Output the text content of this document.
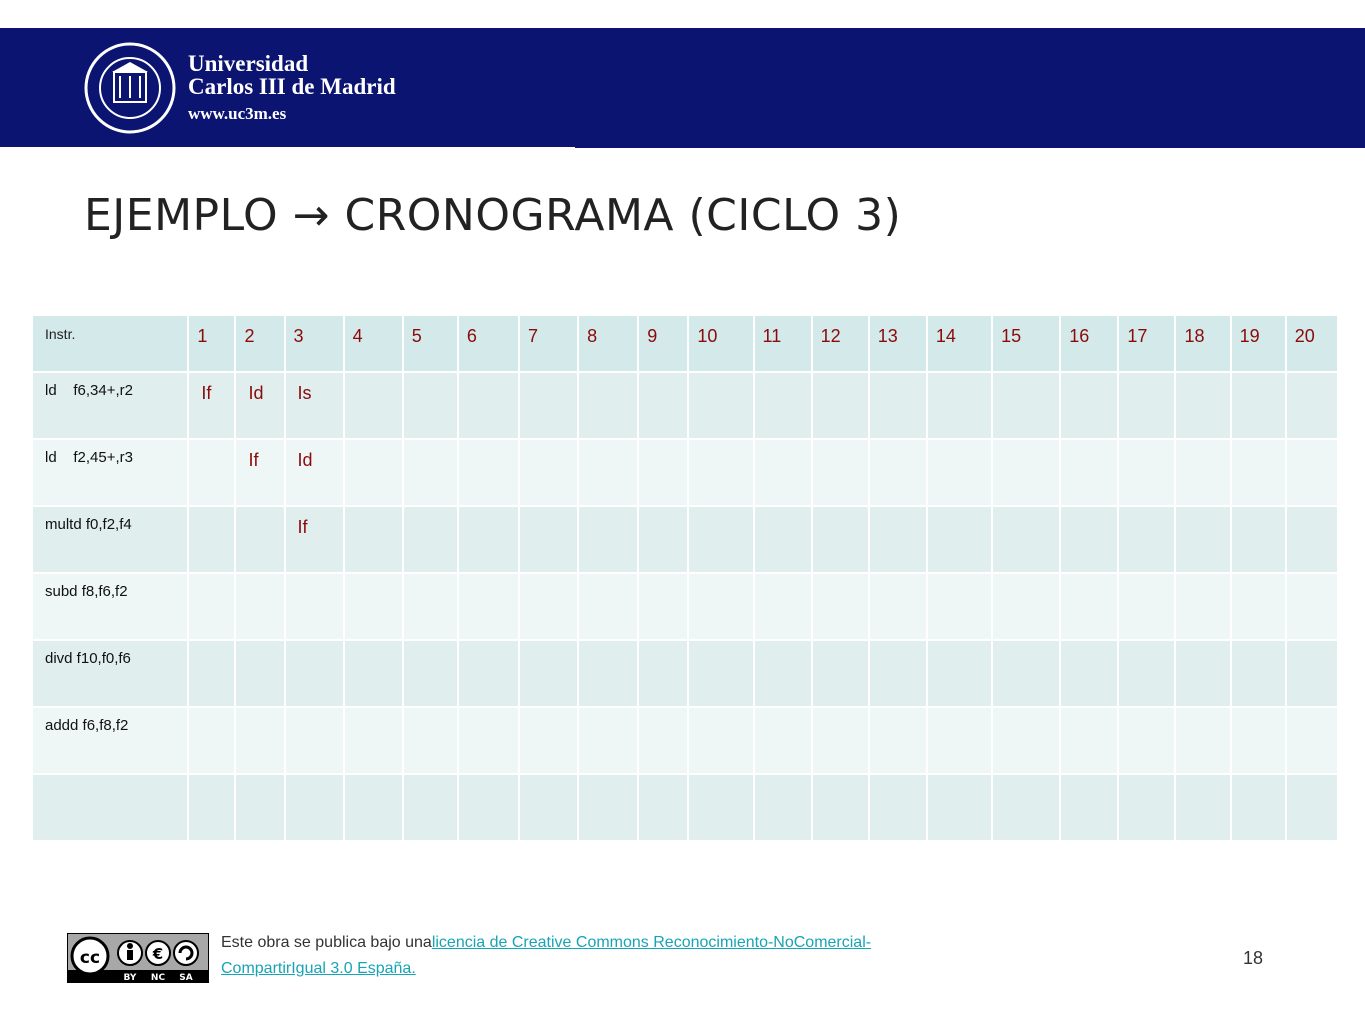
Universidad
Carlos III de Madrid
www.uc3m.es
EJEMPLO → CRONOGRAMA (CICLO 3)
Instr.	1	2	3	4	5	6	7	8	9	10	11	12	13	14	15	16	17	18	19	20
ld    f6,34+,r2	If	Id	Is																	
ld    f2,45+,r3		If	Id																	
multd f0,f2,f4			If																	
subd f8,f6,f2																				
divd f10,f0,f6																				
addd f6,f8,f2																				

cc	€
BY NC SA
Este obra se publica bajo unalicencia de Creative Commons Reconocimiento-NoComercial-CompartirIgual 3.0 España.
18
